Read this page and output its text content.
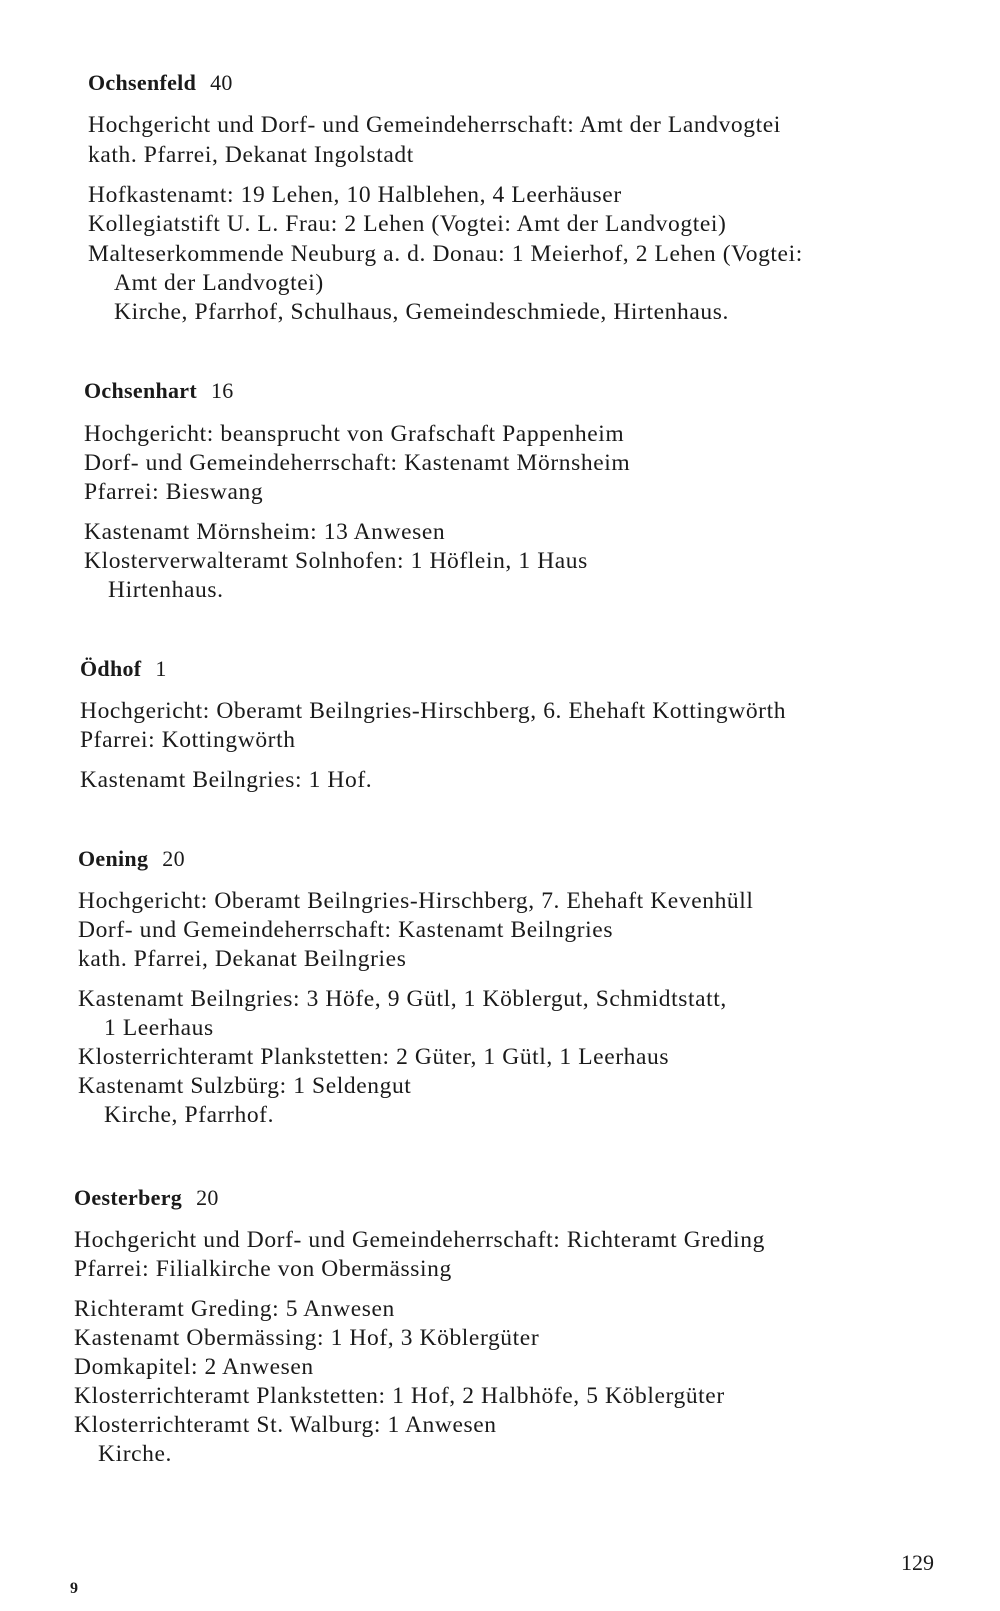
Ochsenfeld 40
Hochgericht und Dorf- und Gemeindeherrschaft: Amt der Landvogtei
kath. Pfarrei, Dekanat Ingolstadt
Hofkastenamt: 19 Lehen, 10 Halblehen, 4 Leerhäuser
Kollegiatstift U. L. Frau: 2 Lehen (Vogtei: Amt der Landvogtei)
Malteserkommende Neuburg a. d. Donau: 1 Meierhof, 2 Lehen (Vogtei:
Amt der Landvogtei)
Kirche, Pfarrhof, Schulhaus, Gemeindeschmiede, Hirtenhaus.
Ochsenhart 16
Hochgericht: beansprucht von Grafschaft Pappenheim
Dorf- und Gemeindeherrschaft: Kastenamt Mörnsheim
Pfarrei: Bieswang
Kastenamt Mörnsheim: 13 Anwesen
Klosterverwalteramt Solnhofen: 1 Höflein, 1 Haus
Hirtenhaus.
Ödhof 1
Hochgericht: Oberamt Beilngries-Hirschberg, 6. Ehehaft Kottingwörth
Pfarrei: Kottingwörth
Kastenamt Beilngries: 1 Hof.
Oening 20
Hochgericht: Oberamt Beilngries-Hirschberg, 7. Ehehaft Kevenhüll
Dorf- und Gemeindeherrschaft: Kastenamt Beilngries
kath. Pfarrei, Dekanat Beilngries
Kastenamt Beilngries: 3 Höfe, 9 Gütl, 1 Köblergut, Schmidtstatt,
1 Leerhaus
Klosterrichteramt Plankstetten: 2 Güter, 1 Gütl, 1 Leerhaus
Kastenamt Sulzbürg: 1 Seldengut
Kirche, Pfarrhof.
Oesterberg 20
Hochgericht und Dorf- und Gemeindeherrschaft: Richteramt Greding
Pfarrei: Filialkirche von Obermässing
Richteramt Greding: 5 Anwesen
Kastenamt Obermässing: 1 Hof, 3 Köblergüter
Domkapitel: 2 Anwesen
Klosterrichteramt Plankstetten: 1 Hof, 2 Halbhöfe, 5 Köblergüter
Klosterrichteramt St. Walburg: 1 Anwesen
Kirche.
129
9
